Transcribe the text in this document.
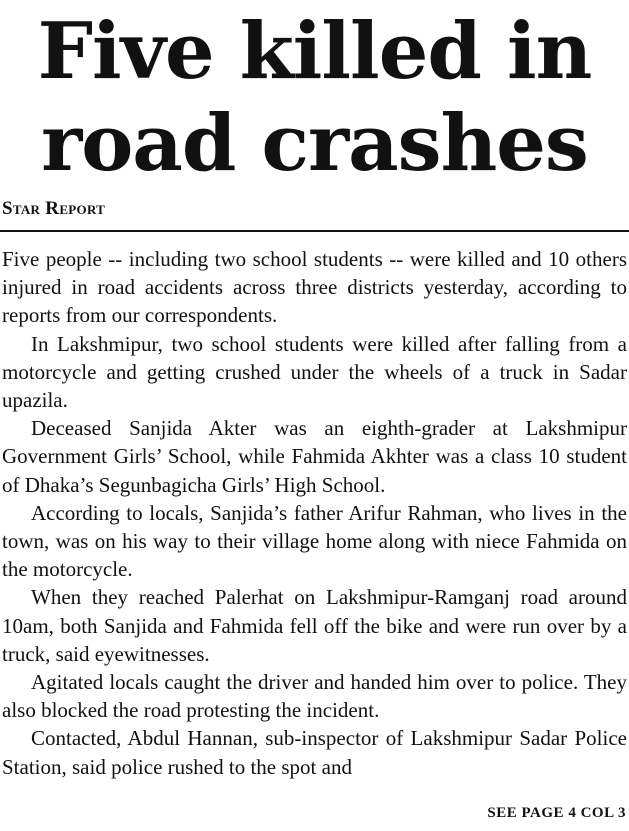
Five killed in
road crashes
Star Report

Five people -- including two school students -- were killed and 10 others injured in road accidents across three districts yesterday, according to reports from our correspondents.

In Lakshmipur, two school students were killed after falling from a motorcycle and getting crushed under the wheels of a truck in Sadar upazila.

Deceased Sanjida Akter was an eighth-grader at Lakshmipur Government Girls’ School, while Fahmida Akhter was a class 10 student of Dhaka’s Segunbagicha Girls’ High School.

According to locals, Sanjida’s father Arifur Rahman, who lives in the town, was on his way to their village home along with niece Fahmida on the motorcycle.

When they reached Palerhat on Lakshmipur-Ramganj road around 10am, both Sanjida and Fahmida fell off the bike and were run over by a truck, said eyewitnesses.

Agitated locals caught the driver and handed him over to police. They also blocked the road protesting the incident.

Contacted, Abdul Hannan, sub-inspector of Lakshmipur Sadar Police Station, said police rushed to the spot and

SEE PAGE 4 COL 3
